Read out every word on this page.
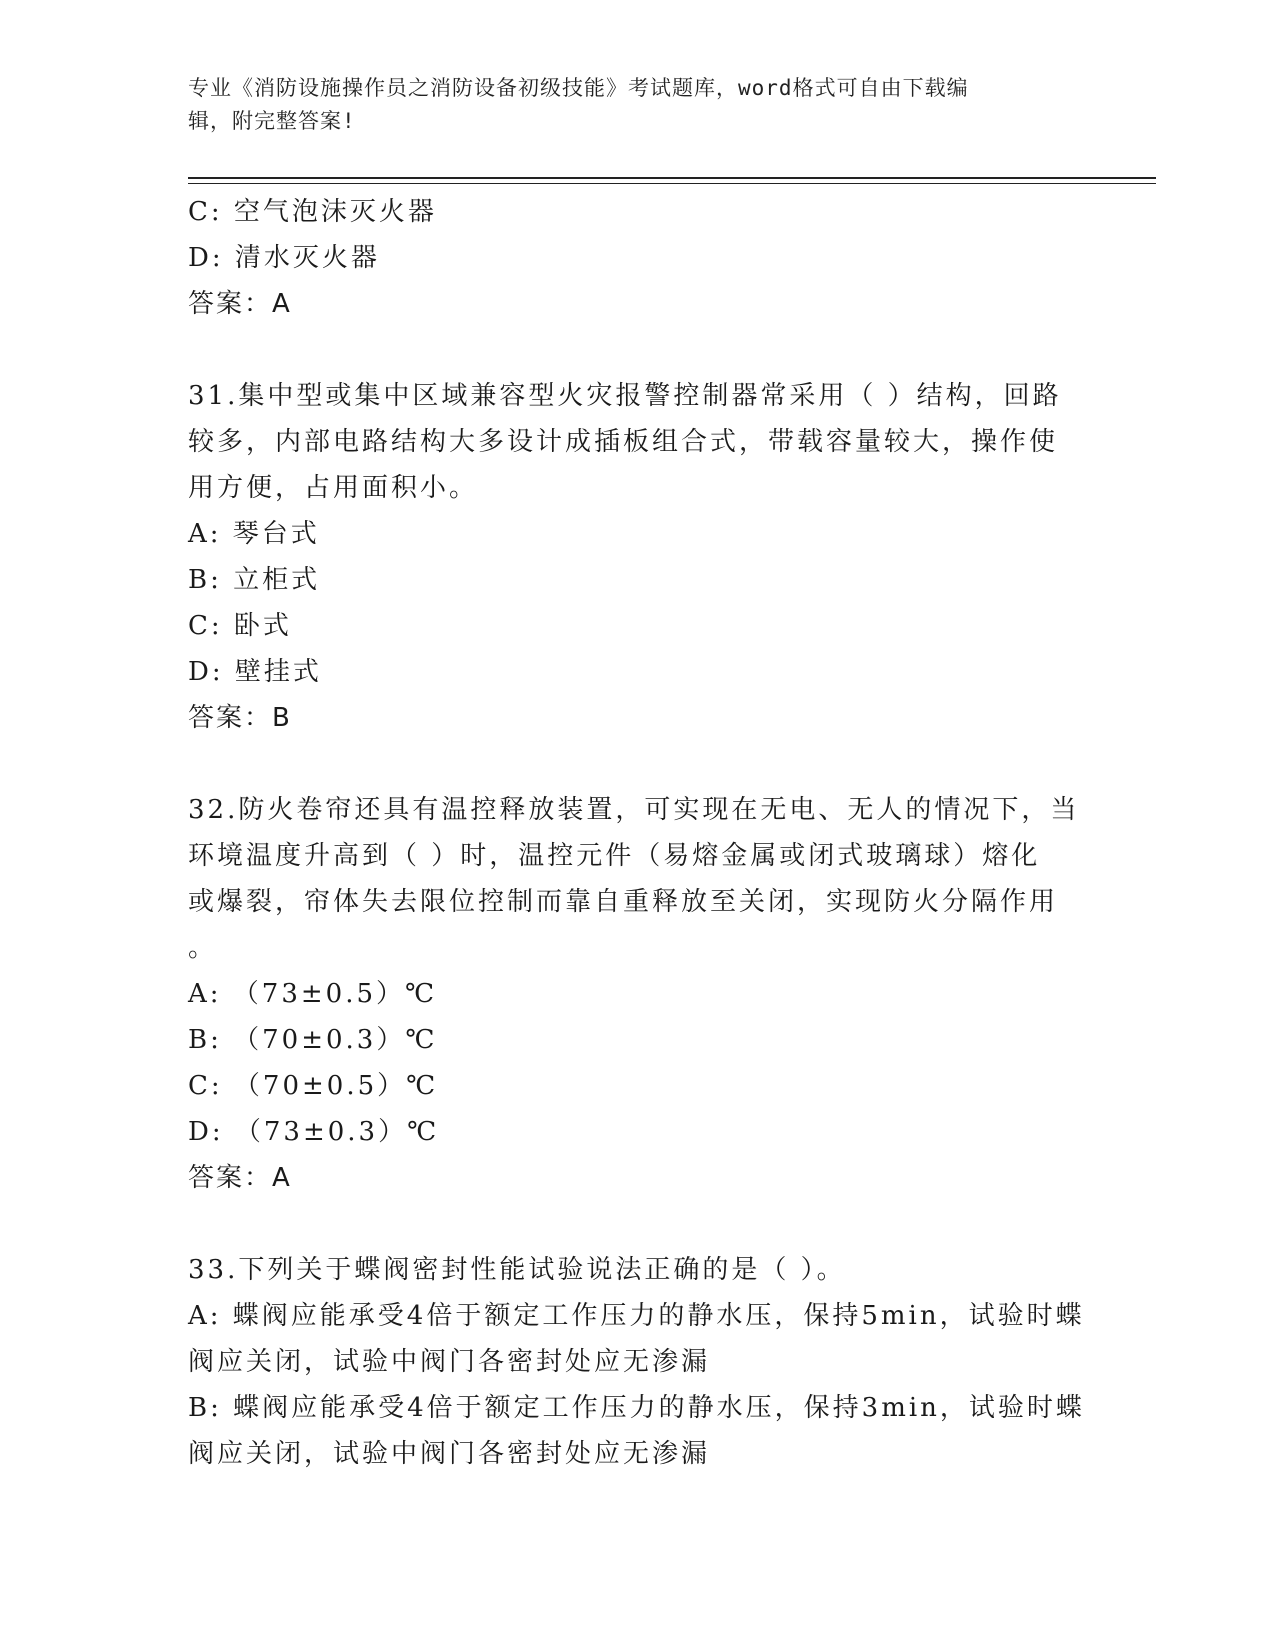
专业《消防设施操作员之消防设备初级技能》考试题库，word格式可自由下载编
辑，附完整答案!
C: 空气泡沫灭火器
D: 清水灭火器
答案：A
31.集中型或集中区域兼容型火灾报警控制器常采用（ ）结构，回路
较多，内部电路结构大多设计成插板组合式，带载容量较大，操作使
用方便，占用面积小。
A: 琴台式
B: 立柜式
C: 卧式
D: 壁挂式
答案：B
32.防火卷帘还具有温控释放装置，可实现在无电、无人的情况下，当
环境温度升高到（ ）时，温控元件（易熔金属或闭式玻璃球）熔化
或爆裂，帘体失去限位控制而靠自重释放至关闭，实现防火分隔作用
。
A: （73±0.5）℃
B: （70±0.3）℃
C: （70±0.5）℃
D: （73±0.3）℃
答案：A
33.下列关于蝶阀密封性能试验说法正确的是（ ）。
A: 蝶阀应能承受4倍于额定工作压力的静水压，保持5min，试验时蝶
阀应关闭，试验中阀门各密封处应无渗漏
B: 蝶阀应能承受4倍于额定工作压力的静水压，保持3min，试验时蝶
阀应关闭，试验中阀门各密封处应无渗漏
